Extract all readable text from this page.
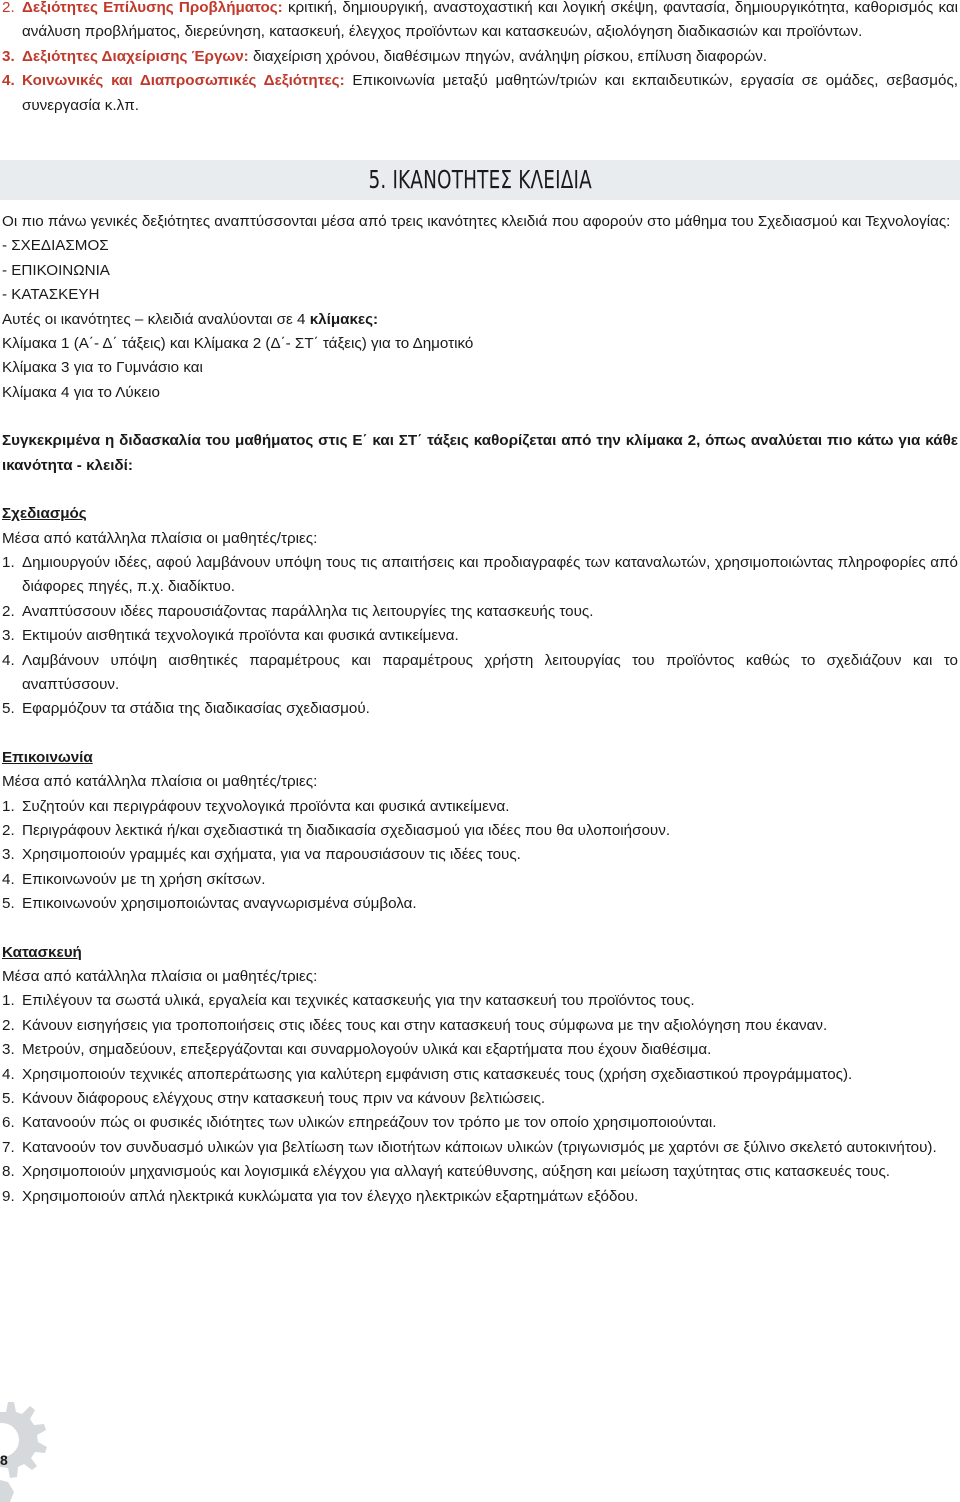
2. Δεξιότητες Επίλυσης Προβλήματος: κριτική, δημιουργική, αναστοχαστική και λογική σκέψη, φαντασία, δημιουργικότητα, καθορισμός και ανάλυση προβλήματος, διερεύνηση, κατασκευή, έλεγχος προϊόντων και κατασκευών, αξιολόγηση διαδικασιών και προϊόντων.
3. Δεξιότητες Διαχείρισης Έργων: διαχείριση χρόνου, διαθέσιμων πηγών, ανάληψη ρίσκου, επίλυση διαφορών.
4. Κοινωνικές και Διαπροσωπικές Δεξιότητες: Επικοινωνία μεταξύ μαθητών/τριών και εκπαιδευτικών, εργασία σε ομάδες, σεβασμός, συνεργασία κ.λπ.
5. ΙΚΑΝΟΤΗΤΕΣ ΚΛΕΙΔΙΑ
Οι πιο πάνω γενικές δεξιότητες αναπτύσσονται μέσα από τρεις ικανότητες κλειδιά που αφορούν στο μάθημα του Σχεδιασμού και Τεχνολογίας:
- ΣΧΕΔΙΑΣΜΟΣ
- ΕΠΙΚΟΙΝΩΝΙΑ
- ΚΑΤΑΣΚΕΥΗ
Αυτές οι ικανότητες – κλειδιά αναλύονται σε 4 κλίμακες:
Κλίμακα 1 (Α΄- Δ΄ τάξεις) και Κλίμακα 2 (Δ΄- ΣΤ΄ τάξεις) για το Δημοτικό
Κλίμακα 3 για το Γυμνάσιο και
Κλίμακα 4 για το Λύκειο
Συγκεκριμένα η διδασκαλία του μαθήματος στις Ε΄ και ΣΤ΄ τάξεις καθορίζεται από την κλίμακα 2, όπως αναλύεται πιο κάτω για κάθε ικανότητα - κλειδί:
Σχεδιασμός
Μέσα από κατάλληλα πλαίσια οι μαθητές/τριες:
1. Δημιουργούν ιδέες, αφού λαμβάνουν υπόψη τους τις απαιτήσεις και προδιαγραφές των καταναλωτών, χρησιμοποιώντας πληροφορίες από διάφορες πηγές, π.χ. διαδίκτυο.
2. Αναπτύσσουν ιδέες παρουσιάζοντας παράλληλα τις λειτουργίες της κατασκευής τους.
3. Εκτιμούν αισθητικά τεχνολογικά προϊόντα και φυσικά αντικείμενα.
4. Λαμβάνουν υπόψη αισθητικές παραμέτρους και παραμέτρους χρήστη λειτουργίας του προϊόντος καθώς το σχεδιάζουν και το αναπτύσσουν.
5. Εφαρμόζουν τα στάδια της διαδικασίας σχεδιασμού.
Επικοινωνία
Μέσα από κατάλληλα πλαίσια οι μαθητές/τριες:
1. Συζητούν και περιγράφουν τεχνολογικά προϊόντα και φυσικά αντικείμενα.
2. Περιγράφουν λεκτικά ή/και σχεδιαστικά τη διαδικασία σχεδιασμού για ιδέες που θα υλοποιήσουν.
3. Χρησιμοποιούν γραμμές και σχήματα, για να παρουσιάσουν τις ιδέες τους.
4. Επικοινωνούν με τη χρήση σκίτσων.
5. Επικοινωνούν χρησιμοποιώντας αναγνωρισμένα σύμβολα.
Κατασκευή
Μέσα από κατάλληλα πλαίσια οι μαθητές/τριες:
1. Επιλέγουν τα σωστά υλικά, εργαλεία και τεχνικές κατασκευής για την κατασκευή του προϊόντος τους.
2. Κάνουν εισηγήσεις για τροποποιήσεις στις ιδέες τους και στην κατασκευή τους σύμφωνα με την αξιολόγηση που έκαναν.
3. Μετρούν, σημαδεύουν, επεξεργάζονται και συναρμολογούν υλικά και εξαρτήματα που έχουν διαθέσιμα.
4. Χρησιμοποιούν τεχνικές αποπεράτωσης για καλύτερη εμφάνιση στις κατασκευές τους (χρήση σχεδιαστικού προγράμματος).
5. Κάνουν διάφορους ελέγχους στην κατασκευή τους πριν να κάνουν βελτιώσεις.
6. Κατανοούν πώς οι φυσικές ιδιότητες των υλικών επηρεάζουν τον τρόπο με τον οποίο χρησιμοποιούνται.
7. Κατανοούν τον συνδυασμό υλικών για βελτίωση των ιδιοτήτων κάποιων υλικών (τριγωνισμός με χαρτόνι σε ξύλινο σκελετό αυτοκινήτου).
8. Χρησιμοποιούν μηχανισμούς και λογισμικά ελέγχου για αλλαγή κατεύθυνσης, αύξηση και μείωση ταχύτητας στις κατασκευές τους.
9. Χρησιμοποιούν απλά ηλεκτρικά κυκλώματα για τον έλεγχο ηλεκτρικών εξαρτημάτων εξόδου.
8
